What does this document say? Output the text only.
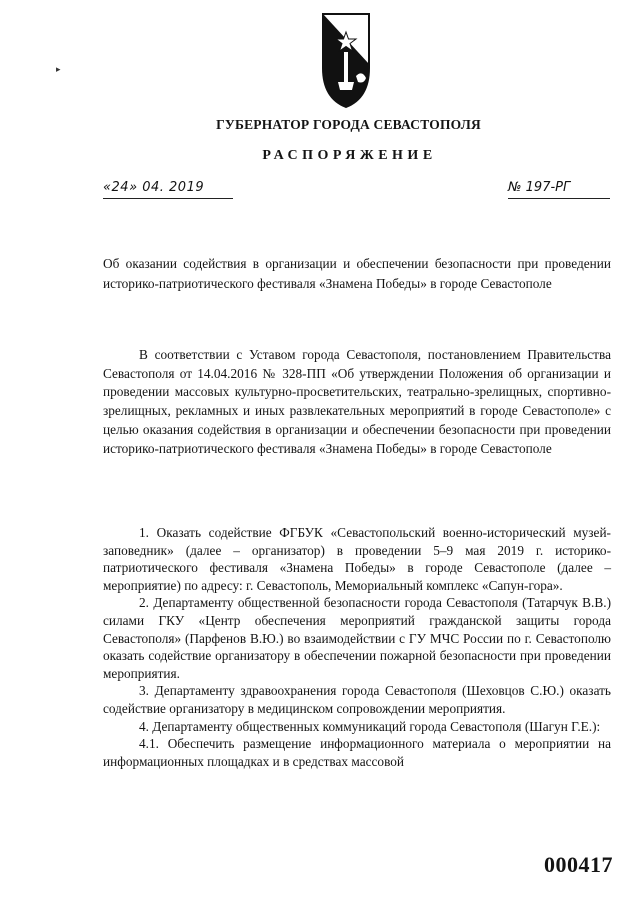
▸
ГУБЕРНАТОР ГОРОДА СЕВАСТОПОЛЯ
РАСПОРЯЖЕНИЕ
«24» 04. 2019	№ 197-РГ

Об оказании содействия в организации и обеспечении безопасности при проведении историко-патриотического фестиваля «Знамена Победы» в городе Севастополе

В соответствии с Уставом города Севастополя, постановлением Правительства Севастополя от 14.04.2016 № 328-ПП «Об утверждении Положения об организации и проведении массовых культурно-просветительских, театрально-зрелищных, спортивно-зрелищных, рекламных и иных развлекательных мероприятий в городе Севастополе» с целью оказания содействия в организации и обеспечении безопасности при проведении историко-патриотического фестиваля «Знамена Победы» в городе Севастополе

1. Оказать содействие ФГБУК «Севастопольский военно-исторический музей-заповедник» (далее – организатор) в проведении 5–9 мая 2019 г. историко-патриотического фестиваля «Знамена Победы» в городе Севастополе (далее – мероприятие) по адресу: г. Севастополь, Мемориальный комплекс «Сапун-гора».

2. Департаменту общественной безопасности города Севастополя (Татарчук В.В.) силами ГКУ «Центр обеспечения мероприятий гражданской защиты города Севастополя» (Парфенов В.Ю.) во взаимодействии с ГУ МЧС России по г. Севастополю оказать содействие организатору в обеспечении пожарной безопасности при проведении мероприятия.

3. Департаменту здравоохранения города Севастополя (Шеховцов С.Ю.) оказать содействие организатору в медицинском сопровождении мероприятия.

4. Департаменту общественных коммуникаций города Севастополя (Шагун Г.Е.):

4.1. Обеспечить размещение информационного материала о мероприятии на информационных площадках и в средствах массовой

000417
